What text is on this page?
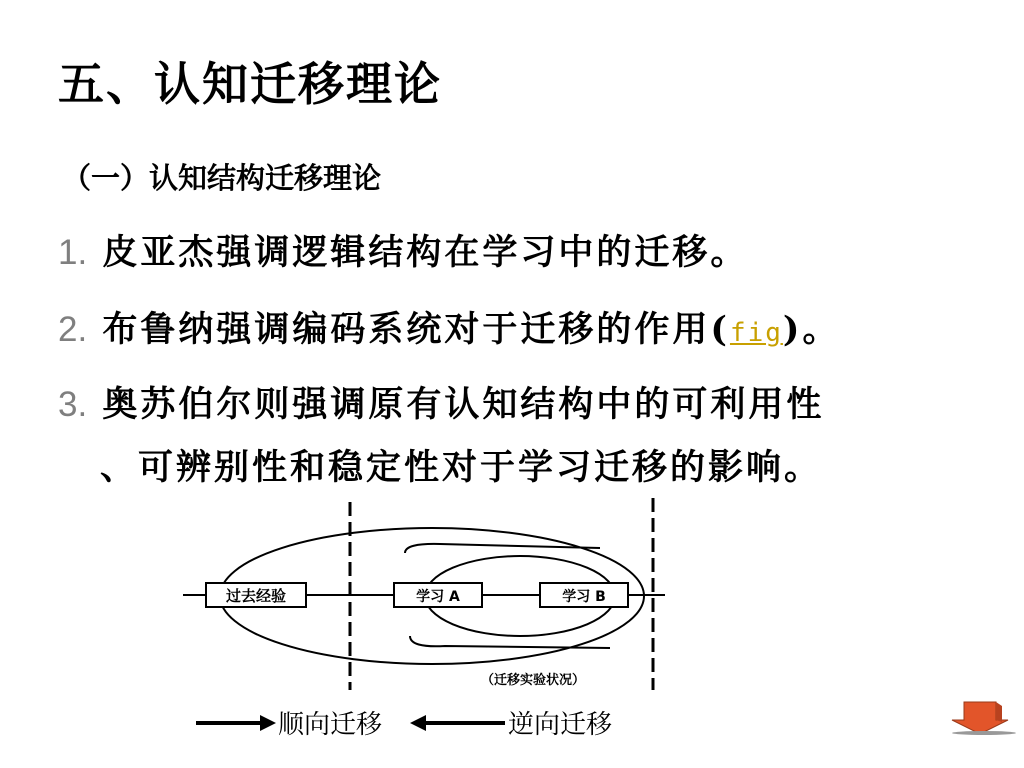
五、认知迁移理论
（一）认知结构迁移理论
1. 皮亚杰强调逻辑结构在学习中的迁移。
2. 布鲁纳强调编码系统对于迁移的作用(fig)。
3. 奥苏伯尔则强调原有认知结构中的可利用性
、可辨别性和稳定性对于学习迁移的影响。
过去经验	学习 A	学习 B
（迁移实验状况）
顺向迁移	逆向迁移
